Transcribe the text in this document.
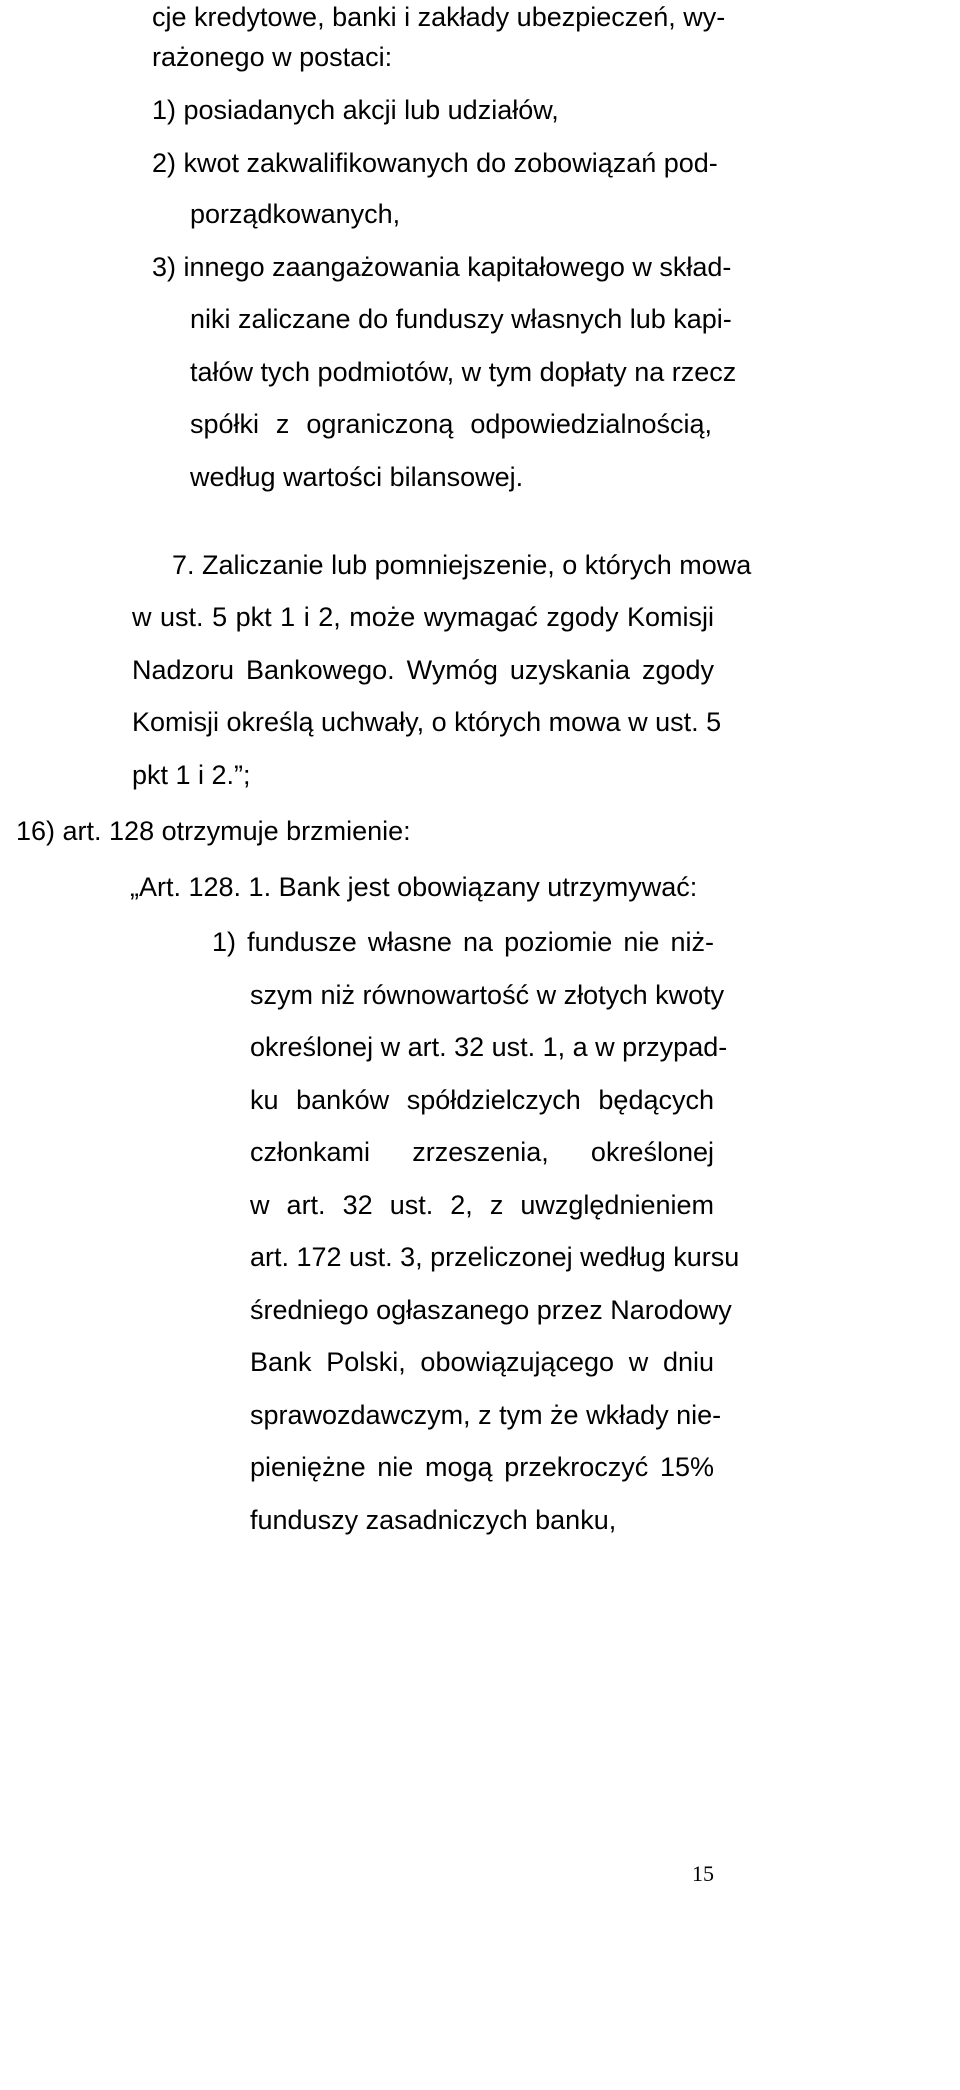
cje kredytowe, banki i zakłady ubezpieczeń, wy-
rażonego w postaci:
1) posiadanych akcji lub udziałów,
2) kwot zakwalifikowanych do zobowiązań pod-
porządkowanych,
3) innego zaangażowania kapitałowego w skład-
niki zaliczane do funduszy własnych lub kapi-
tałów tych podmiotów, w tym dopłaty na rzecz
spółki z ograniczoną odpowiedzialnością,
według wartości bilansowej.
7. Zaliczanie lub pomniejszenie, o których mowa
w ust. 5 pkt 1 i 2, może wymagać zgody Komisji
Nadzoru Bankowego. Wymóg uzyskania zgody
Komisji określą uchwały, o których mowa w ust. 5
pkt 1 i 2.”;
16) art. 128 otrzymuje brzmienie:
„Art. 128. 1. Bank jest obowiązany utrzymywać:
1) fundusze własne na poziomie nie niż-
szym niż równowartość w złotych kwoty
określonej w art. 32 ust. 1, a w przypad-
ku banków spółdzielczych będących
członkami zrzeszenia, określonej
w art. 32 ust. 2, z uwzględnieniem
art. 172 ust. 3, przeliczonej według kursu
średniego ogłaszanego przez Narodowy
Bank Polski, obowiązującego w dniu
sprawozdawczym, z tym że wkłady nie-
pieniężne nie mogą przekroczyć 15%
funduszy zasadniczych banku,
15
